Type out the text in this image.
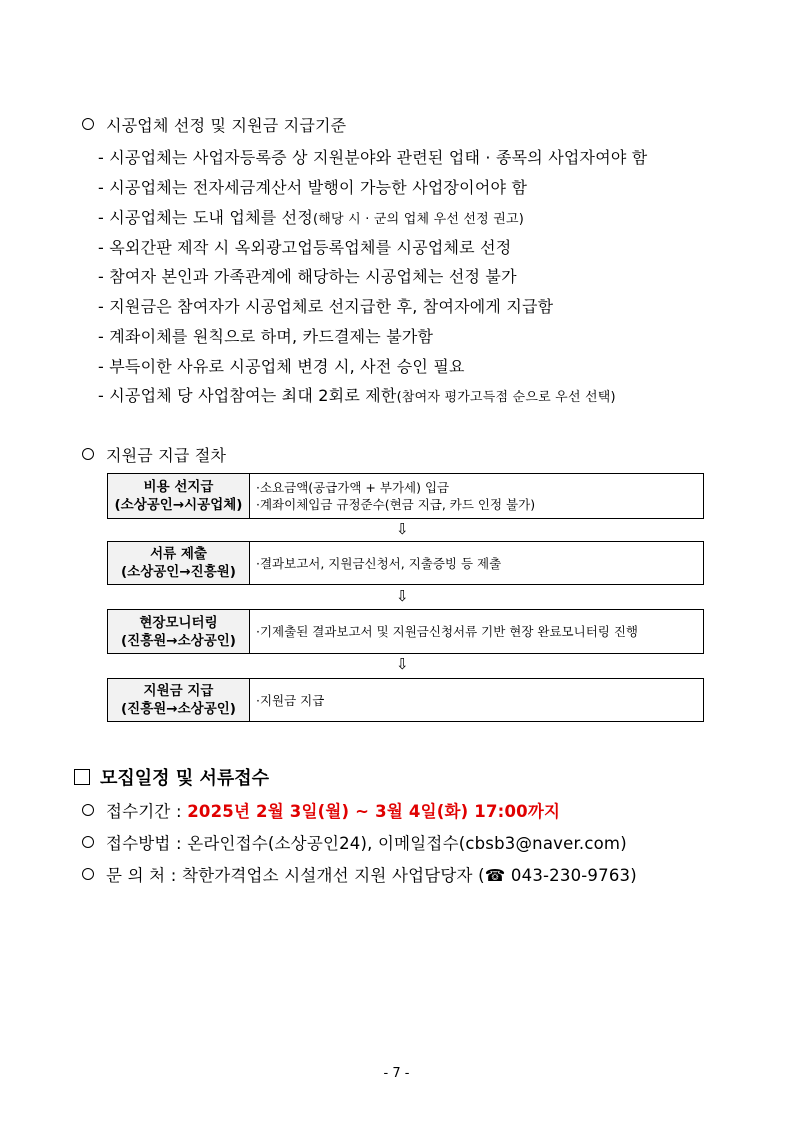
시공업체 선정 및 지원금 지급기준
- 시공업체는 사업자등록증 상 지원분야와 관련된 업태 · 종목의 사업자여야 함
- 시공업체는 전자세금계산서 발행이 가능한 사업장이어야 함
- 시공업체는 도내 업체를 선정(해당 시 · 군의 업체 우선 선정 권고)
- 옥외간판 제작 시 옥외광고업등록업체를 시공업체로 선정
- 참여자 본인과 가족관계에 해당하는 시공업체는 선정 불가
- 지원금은 참여자가 시공업체로 선지급한 후, 참여자에게 지급함
- 계좌이체를 원칙으로 하며, 카드결제는 불가함
- 부득이한 사유로 시공업체 변경 시, 사전 승인 필요
- 시공업체 당 사업참여는 최대 2회로 제한(참여자 평가고득점 순으로 우선 선택)
지원금 지급 절차
비용 선지급
(소상공인→시공업체)
·소요금액(공급가액 + 부가세) 입금
·계좌이체입금 규정준수(현금 지급, 카드 인정 불가)
⇩
서류 제출
(소상공인→진흥원)
·결과보고서, 지원금신청서, 지출증빙 등 제출
⇩
현장모니터링
(진흥원→소상공인)
·기제출된 결과보고서 및 지원금신청서류 기반 현장 완료모니터링 진행
⇩
지원금 지급
(진흥원→소상공인)
·지원금 지급
모집일정 및 서류접수
접수기간 : 2025년 2월 3일(월) ~ 3월 4일(화) 17:00까지
접수방법 : 온라인접수(소상공인24), 이메일접수(cbsb3@naver.com)
문 의 처 : 착한가격업소 시설개선 지원 사업담당자 (☎ 043-230-9763)
- 7 -
